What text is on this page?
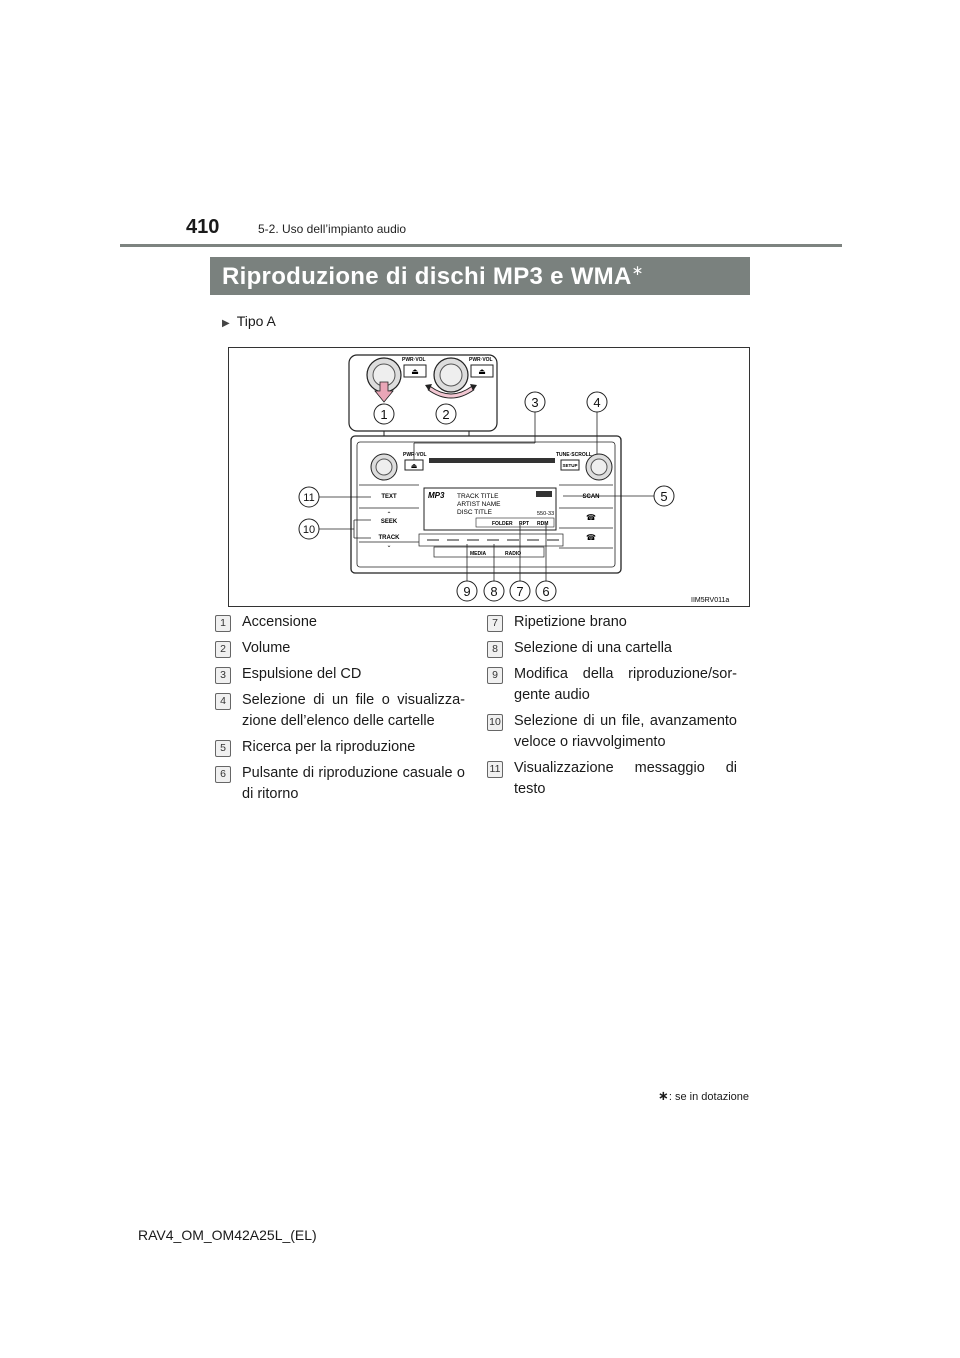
410	5-2. Uso dell’impianto audio
Riproduzione di dischi MP3 e WMA∗
▶ Tipo A
⏏
PWR·VOL
⏏
PWR·VOL
PWR·VOL
⏏
TUNE·SCROLL
SETUP
TEXT
⌃
SEEK
TRACK
⌄
SCAN
☎
☎
MP3 TRACK TITLE
ARTIST NAME
DISC TITLE	550-33
FOLDER RPT RDM
MEDIA	RADIO
1	2
3	4
5
6
7
8
9
10
11
IIM5RV011a
1	Accensione
2	Volume
3	Espulsione del CD
4	Selezione di un file o visualizza-zione dell’elenco delle cartelle
5	Ricerca per la riproduzione
6	Pulsante di riproduzione casuale o di ritorno
7	Ripetizione brano
8	Selezione di una cartella
9	Modifica della riproduzione/sor-gente audio
10 Selezione di un file, avanzamento veloce o riavvolgimento
11 Visualizzazione messaggio di testo
∗: se in dotazione
RAV4_OM_OM42A25L_(EL)
